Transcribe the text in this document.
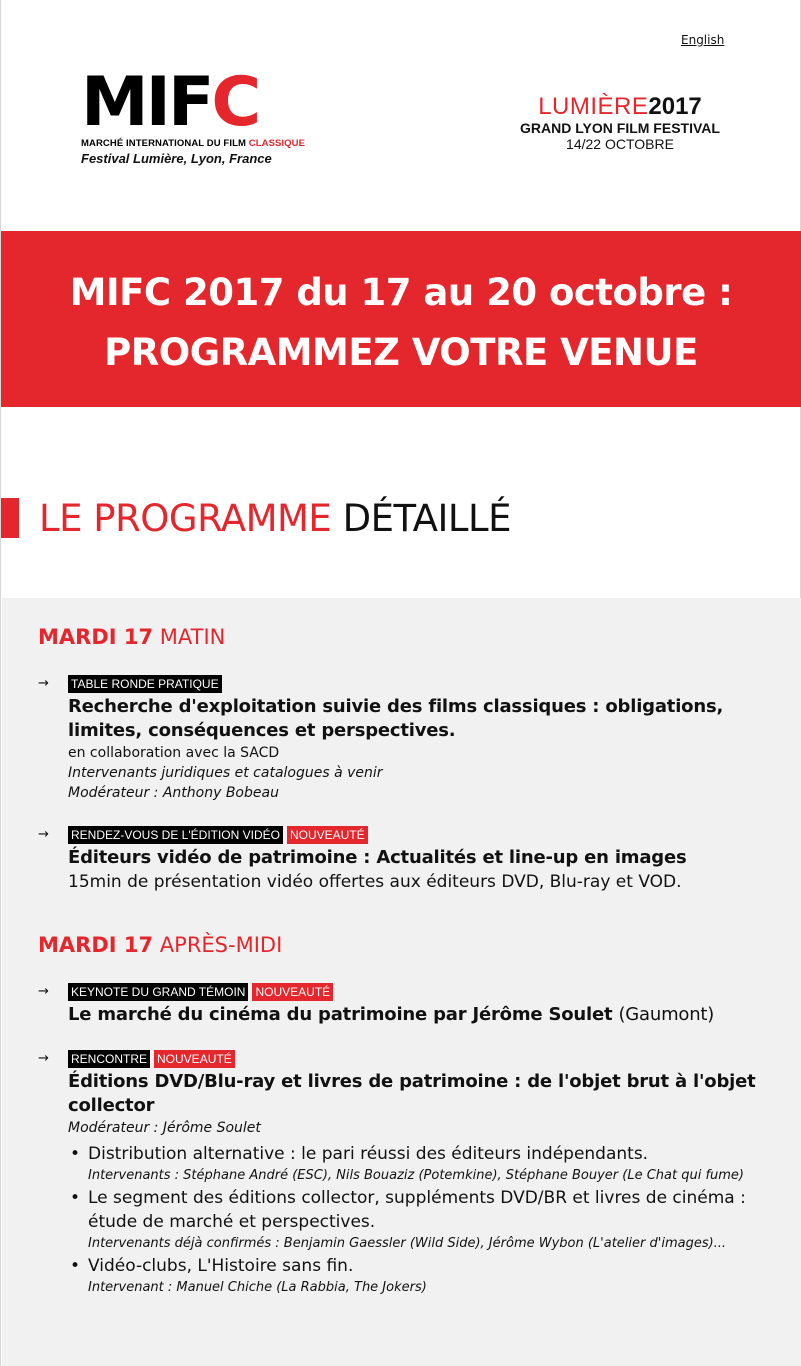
English
MIFC
MARCHÉ INTERNATIONAL DU FILM CLASSIQUE
Festival Lumière, Lyon, France
LUMIÈRE2017
GRAND LYON FILM FESTIVAL
14/22 OCTOBRE
MIFC 2017 du 17 au 20 octobre :
PROGRAMMEZ VOTRE VENUE
LE PROGRAMME DÉTAILLÉ
MARDI 17 MATIN
→ TABLE RONDE PRATIQUE
Recherche d'exploitation suivie des films classiques : obligations, limites, conséquences et perspectives.
en collaboration avec la SACD
Intervenants juridiques et catalogues à venir
Modérateur : Anthony Bobeau
→ RENDEZ-VOUS DE L'ÉDITION VIDÉO NOUVEAUTÉ
Éditeurs vidéo de patrimoine : Actualités et line-up en images
15min de présentation vidéo offertes aux éditeurs DVD, Blu-ray et VOD.
MARDI 17 APRÈS-MIDI
→ KEYNOTE DU GRAND TÉMOIN NOUVEAUTÉ
Le marché du cinéma du patrimoine par Jérôme Soulet (Gaumont)
→ RENCONTRE NOUVEAUTÉ
Éditions DVD/Blu-ray et livres de patrimoine : de l'objet brut à l'objet collector
Modérateur : Jérôme Soulet
• Distribution alternative : le pari réussi des éditeurs indépendants.
Intervenants : Stéphane André (ESC), Nils Bouaziz (Potemkine), Stéphane Bouyer (Le Chat qui fume)
• Le segment des éditions collector, suppléments DVD/BR et livres de cinéma : étude de marché et perspectives.
Intervenants déjà confirmés : Benjamin Gaessler (Wild Side), Jérôme Wybon (L'atelier d'images)...
• Vidéo-clubs, L'Histoire sans fin.
Intervenant : Manuel Chiche (La Rabbia, The Jokers)
